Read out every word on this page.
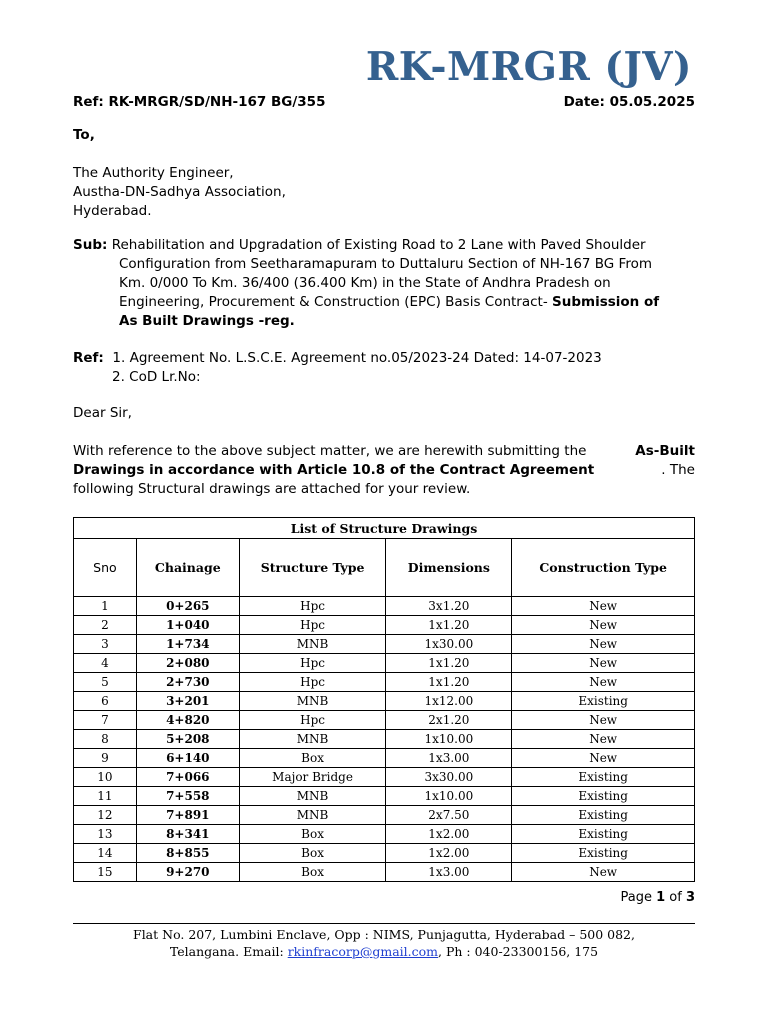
RK-MRGR (JV)
Ref: RK-MRGR/SD/NH-167 BG/355	Date: 05.05.2025
To,
The Authority Engineer,
Austha-DN-Sadhya Association,
Hyderabad.
Sub: Rehabilitation and Upgradation of Existing Road to 2 Lane with Paved Shoulder
Configuration from Seetharamapuram to Duttaluru Section of NH-167 BG From
Km. 0/000 To Km. 36/400 (36.400 Km) in the State of Andhra Pradesh on
Engineering, Procurement & Construction (EPC) Basis Contract- Submission of
As Built Drawings -reg.
Ref: 1. Agreement No. L.S.C.E. Agreement no.05/2023-24 Dated: 14-07-2023
2. CoD Lr.No:
Dear Sir,
With reference to the above subject matter, we are herewith submitting the	As-Built
Drawings in accordance with Article 10.8 of the Contract Agreement	. The
following Structural drawings are attached for your review.
List of Structure Drawings				
Sno	Chainage	Structure Type	Dimensions	Construction Type
1	0+265	Hpc	3x1.20	New
2	1+040	Hpc	1x1.20	New
3	1+734	MNB	1x30.00	New
4	2+080	Hpc	1x1.20	New
5	2+730	Hpc	1x1.20	New
6	3+201	MNB	1x12.00	Existing
7	4+820	Hpc	2x1.20	New
8	5+208	MNB	1x10.00	New
9	6+140	Box	1x3.00	New
10	7+066	Major Bridge	3x30.00	Existing
11	7+558	MNB	1x10.00	Existing
12	7+891	MNB	2x7.50	Existing
13	8+341	Box	1x2.00	Existing
14	8+855	Box	1x2.00	Existing
15	9+270	Box	1x3.00	New
Page 1 of 3
Flat No. 207, Lumbini Enclave, Opp : NIMS, Punjagutta, Hyderabad – 500 082,
Telangana. Email: rkinfracorp@gmail.com, Ph : 040-23300156, 175
